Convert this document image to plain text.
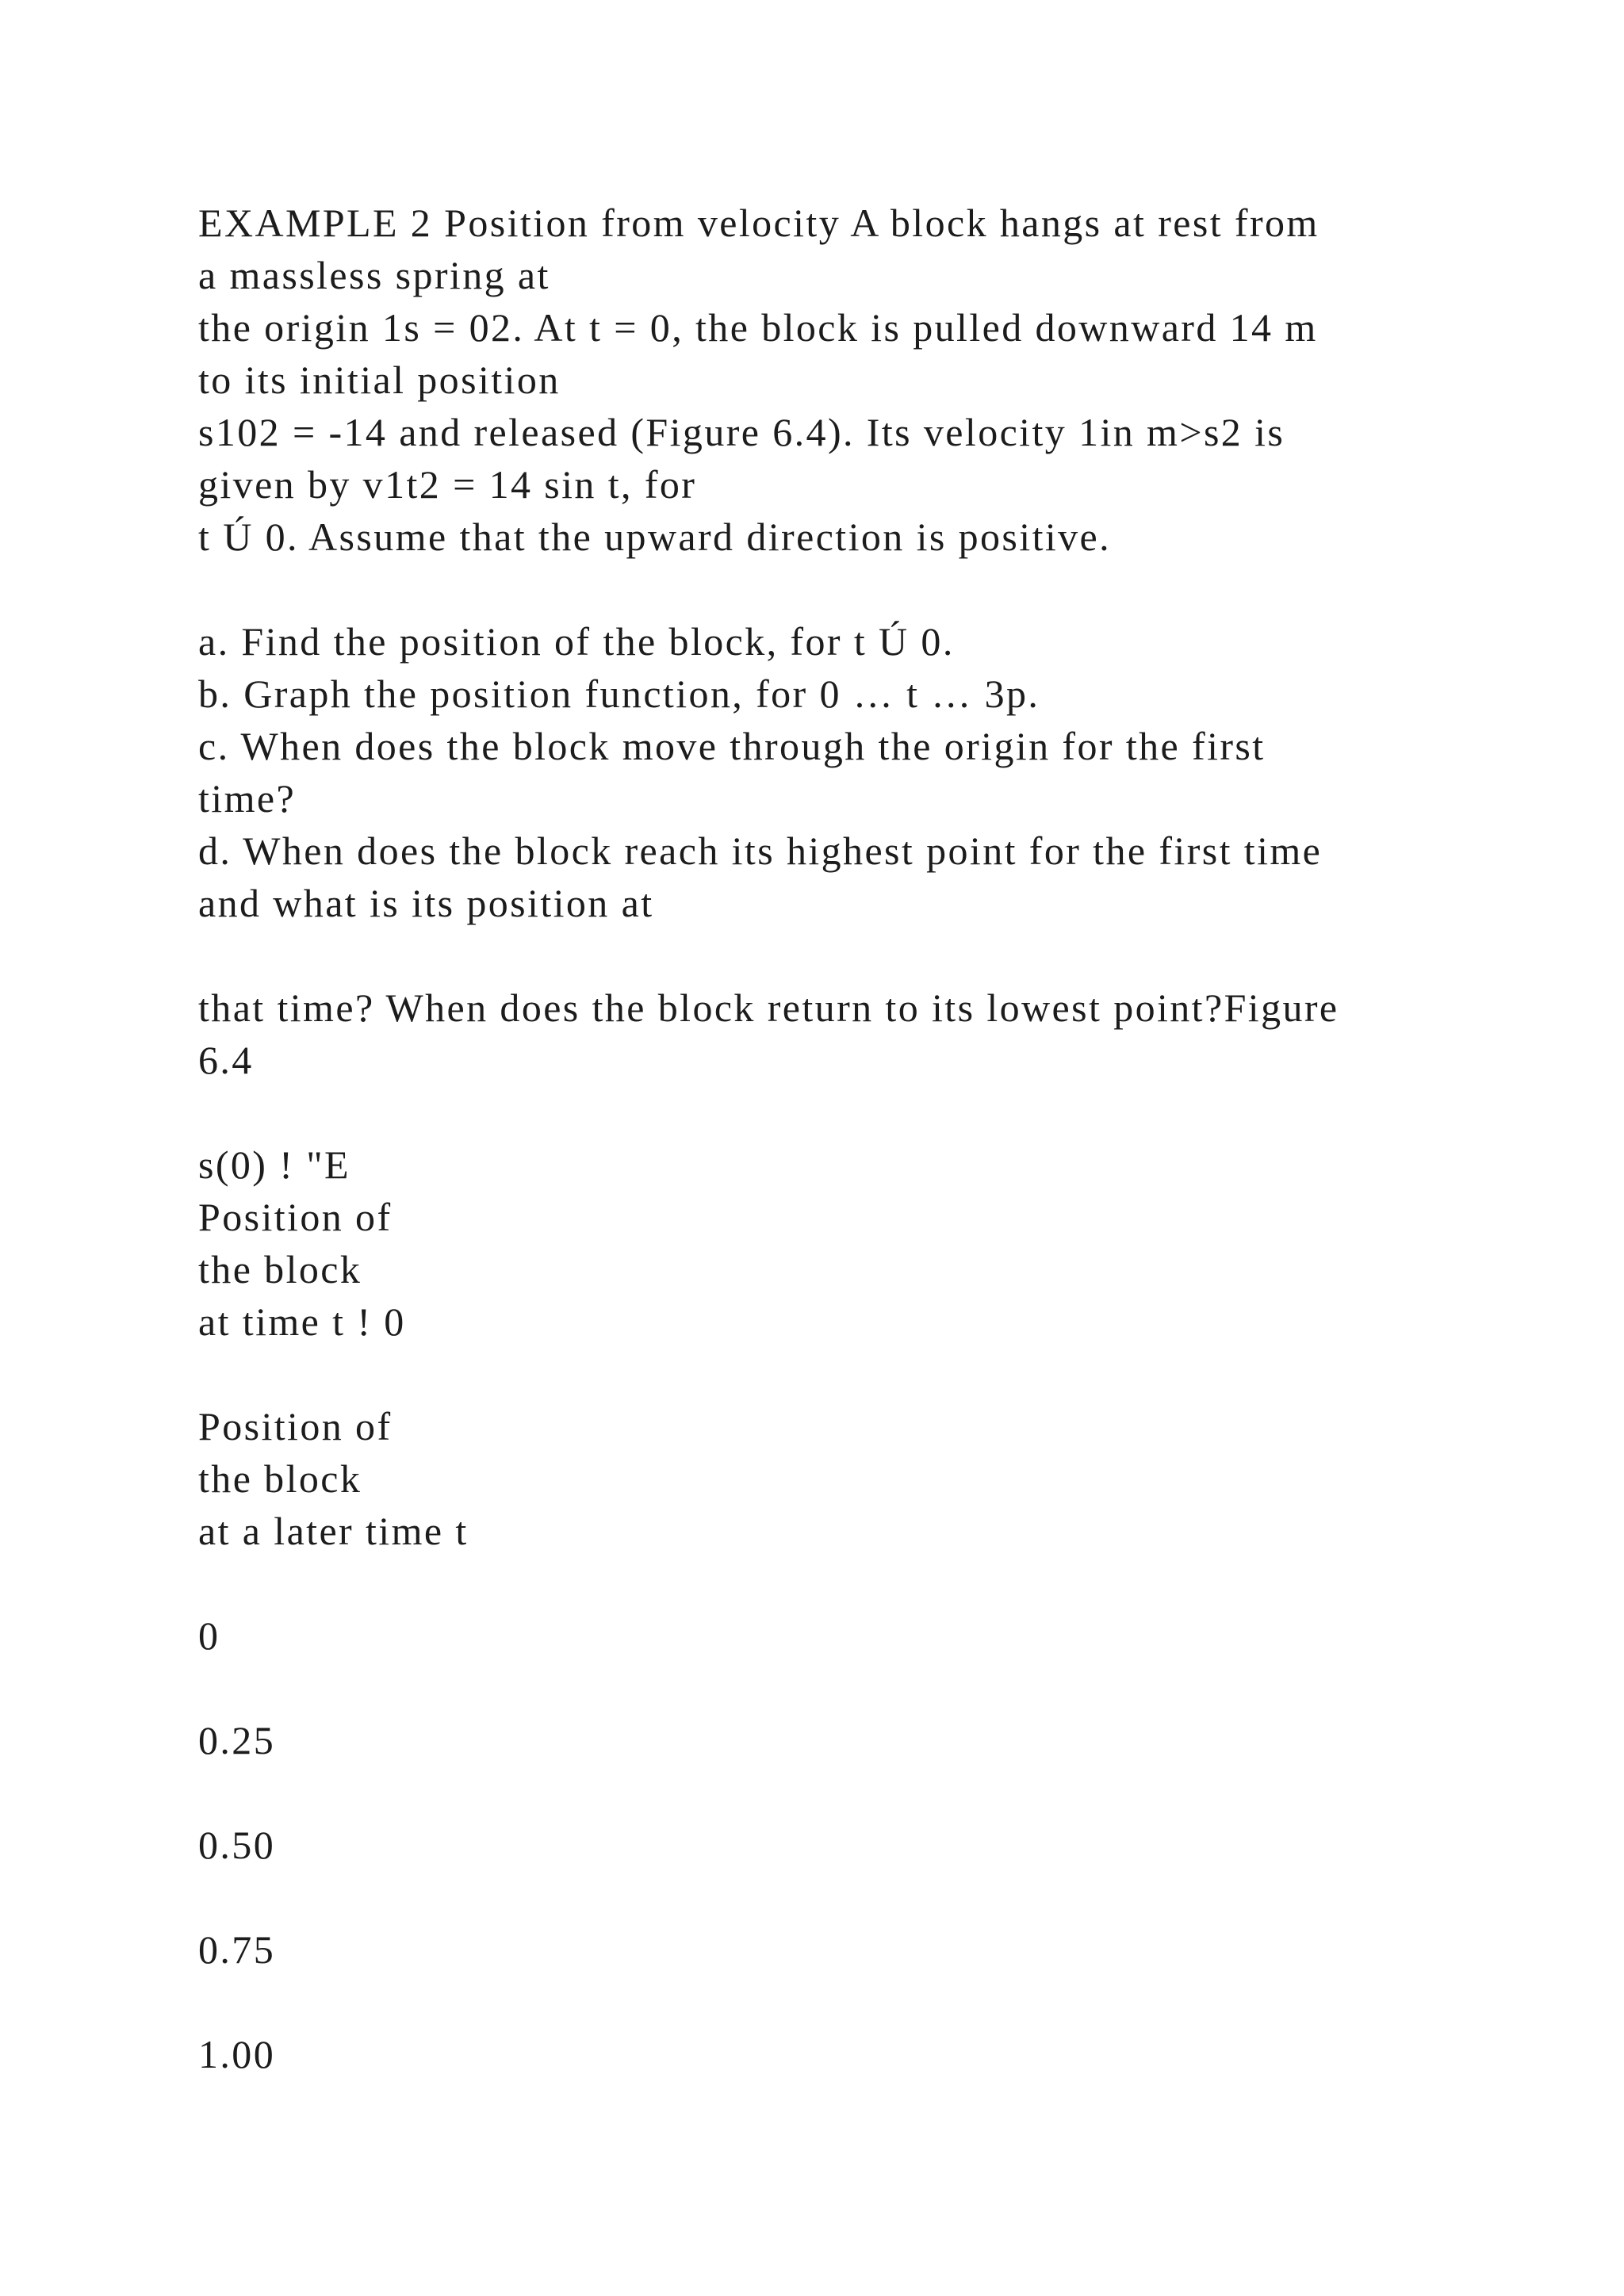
EXAMPLE 2 Position from velocity A block hangs at rest from

a massless spring at

the origin 1s = 02. At t = 0, the block is pulled downward 14 m

to its initial position

s102 = -14 and released (Figure 6.4). Its velocity 1in m>s2 is

given by v1t2 = 14 sin t, for

t Ú 0. Assume that the upward direction is positive.

a. Find the position of the block, for t Ú 0.

b. Graph the position function, for 0 … t … 3p.

c. When does the block move through the origin for the first

time?

d. When does the block reach its highest point for the first time

and what is its position at

that time? When does the block return to its lowest point?Figure

6.4

s(0) ! "E

Position of

the block

at time t ! 0

Position of

the block

at a later time t

0

0.25

0.50

0.75

1.00
